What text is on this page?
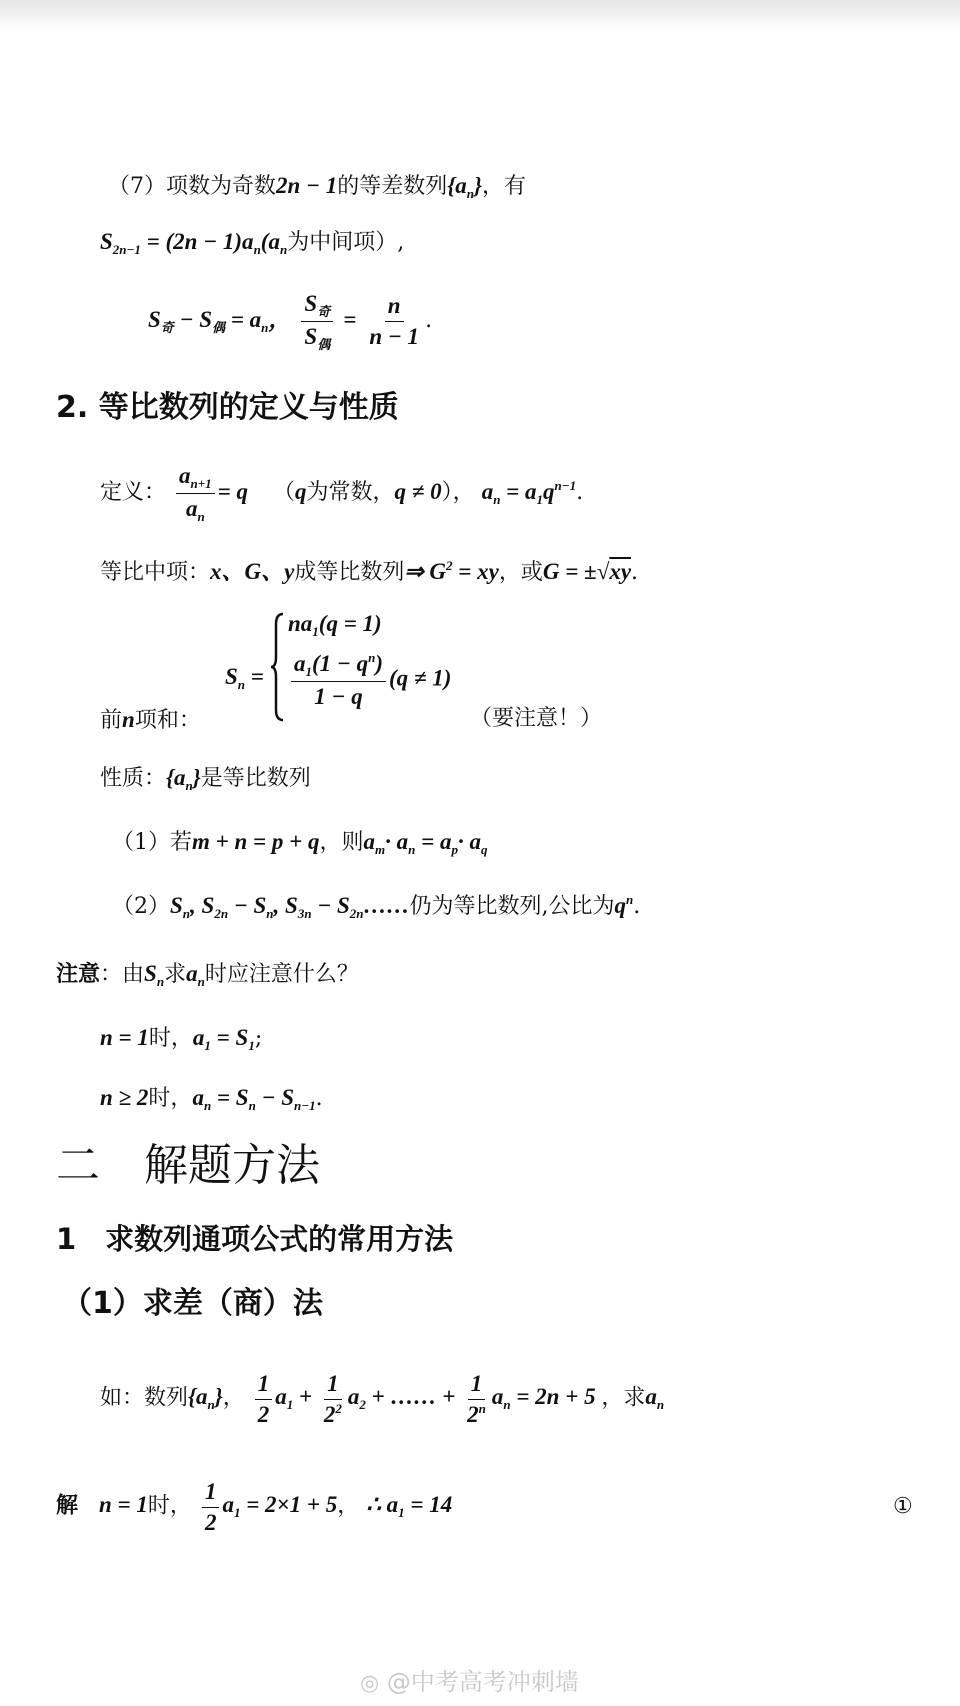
（7）项数为奇数2n − 1的等差数列$\{a_n\}$，有
$S_{2n-1} = (2n - 1)a_n(a_n$为中间项）,
$S_奇 - S_偶 = a_n$， $\frac{S_奇}{S_偶} = \frac{n}{n - 1}$ .
2. 等比数列的定义与性质
定义： $\frac{a_{n+1}}{a_n} = q$ （q为常数，q ≠ 0）， $a_n = a_1q^{n-1}$.
等比中项：x、G、y成等比数列⇒ $G^2$ = xy，或G = ±√xy.
前n项和：
$S_n$ =
$na_1(q = 1)$
$\frac{a_1(1 - q^n)}{1 - q} (q \ne 1)$
（要注意！）
性质：$\{a_n\}$是等比数列
（1）若m + n = p + q，则$a_m\cdot a_n = a_p\cdot a_q$
$(2)S_n$, $S_{2n} - S_n$, $S_{3n}$ − $S_{2n}\dots\dots$仍为等比数列,公比为$q^n$.
注意：由$S_n$求$a_n$时应注意什么？
n = 1时，$a_1 = S_1$;
n ≥ 2时，$a_n = S_n - S_{n-1}$.
二　解题方法
1　求数列通项公式的常用方法
（1）求差（商）法
如：数列$\{a_n\}$， $\frac{1}{2} a_1 + \frac{1}{2^2} a_2$ + …… + $\frac{1}{2^n} a_n = 2n + 5$ ，求$a_n$
解 n = 1时， $\frac{1}{2} a_1 = 2\times 1 + 5$， ∴ $a_1 = 14$	①
◎ @中考高考冲刺墙
